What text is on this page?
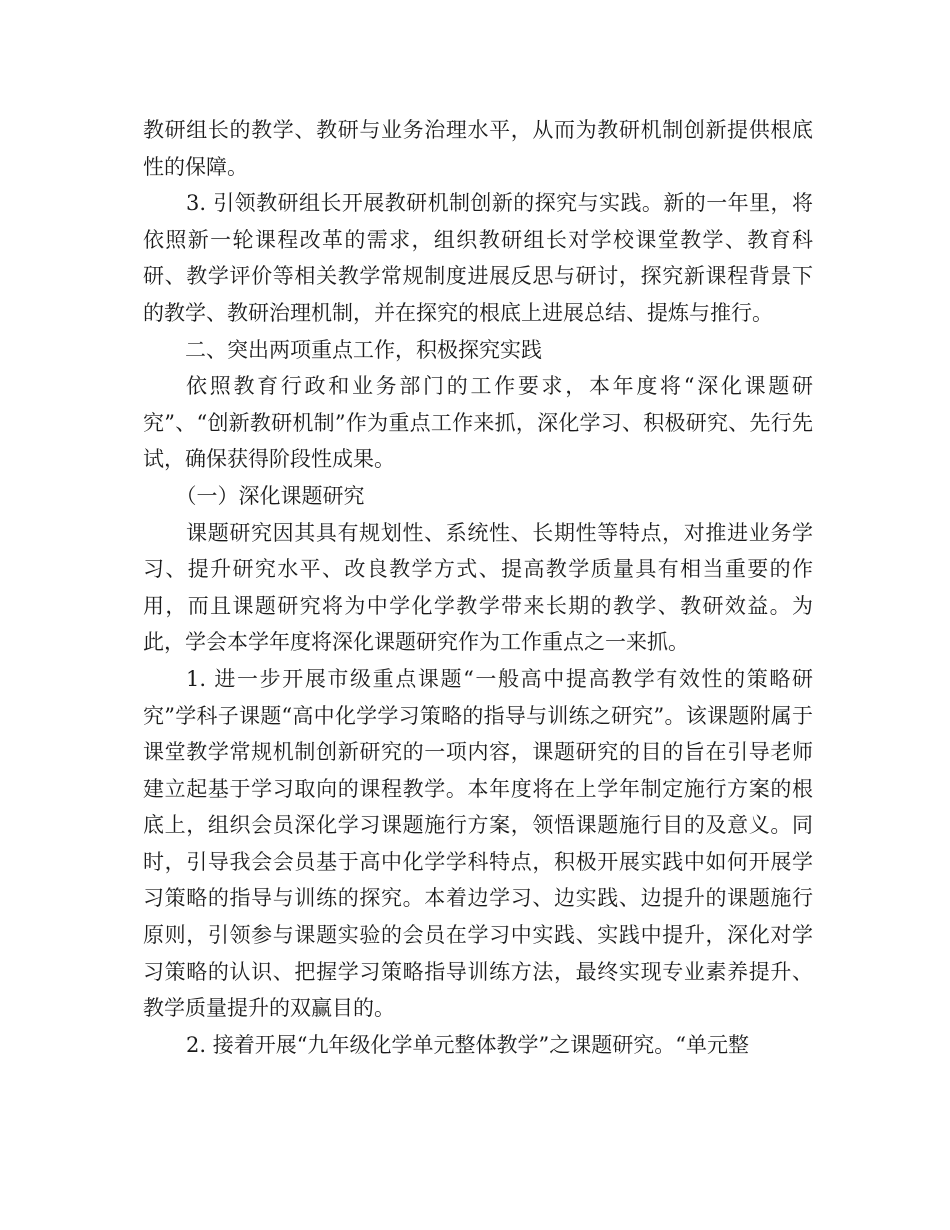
教研组长的教学、教研与业务治理水平，从而为教研机制创新提供根底性的保障。

3. 引领教研组长开展教研机制创新的探究与实践。新的一年里，将依照新一轮课程改革的需求，组织教研组长对学校课堂教学、教育科研、教学评价等相关教学常规制度进展反思与研讨，探究新课程背景下的教学、教研治理机制，并在探究的根底上进展总结、提炼与推行。

二、突出两项重点工作，积极探究实践

依照教育行政和业务部门的工作要求，本年度将“深化课题研究”、“创新教研机制”作为重点工作来抓，深化学习、积极研究、先行先试，确保获得阶段性成果。

（一）深化课题研究

课题研究因其具有规划性、系统性、长期性等特点，对推进业务学习、提升研究水平、改良教学方式、提高教学质量具有相当重要的作用，而且课题研究将为中学化学教学带来长期的教学、教研效益。为此，学会本学年度将深化课题研究作为工作重点之一来抓。

1. 进一步开展市级重点课题“一般高中提高教学有效性的策略研究”学科子课题“高中化学学习策略的指导与训练之研究”。该课题附属于课堂教学常规机制创新研究的一项内容，课题研究的目的旨在引导老师建立起基于学习取向的课程教学。本年度将在上学年制定施行方案的根底上，组织会员深化学习课题施行方案，领悟课题施行目的及意义。同时，引导我会会员基于高中化学学科特点，积极开展实践中如何开展学习策略的指导与训练的探究。本着边学习、边实践、边提升的课题施行原则，引领参与课题实验的会员在学习中实践、实践中提升，深化对学习策略的认识、把握学习策略指导训练方法，最终实现专业素养提升、教学质量提升的双赢目的。

2. 接着开展“九年级化学单元整体教学”之课题研究。“单元整
